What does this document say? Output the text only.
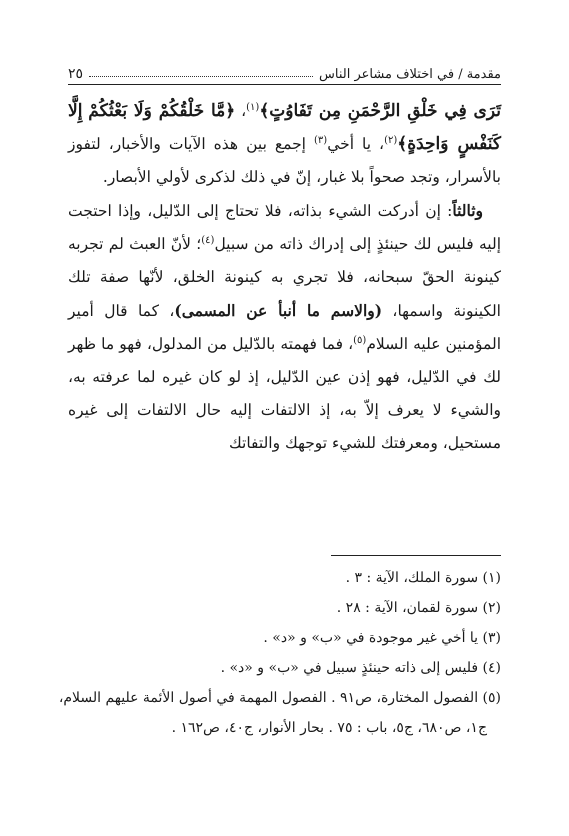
مقدمة / في اختلاف مشاعر الناس
٢٥

تَرَى فِي خَلْقِ الرَّحْمَنِ مِن تَفَاوُتٍ﴾$^{(١)}$، ﴿مَّا خَلْقُكُمْ وَلَا بَعْثُكُمْ إِلَّا كَنَفْسٍ وَاحِدَةٍ﴾$^{(٢)}$، يا أخي$^{(٣)}$ إجمع بين هذه الآيات والأخبار، لتفوز بالأسرار، وتجد صحواً بلا غبار، إنّ في ذلك لذكرى لأولي الأبصار.

وثالثاً: إن أدركت الشيء بذاته، فلا تحتاج إلى الدّليل، وإذا احتجت إليه فليس لك حينئذٍ إلى إدراك ذاته من سبيل$^{(٤)}$؛ لأنّ العبث لم تجربه كينونة الحقّ سبحانه، فلا تجري به كينونة الخلق، لأنّها صفة تلك الكينونة واسمها، (والاسم ما أنبأ عن المسمى)، كما قال أمير المؤمنين عليه السلام$^{(٥)}$، فما فهمته بالدّليل من المدلول، فهو ما ظهر لك في الدّليل، فهو إذن عين الدّليل، إذ لو كان غيره لما عرفته به، والشيء لا يعرف إلاّ به، إذ الالتفات إليه حال الالتفات إلى غيره مستحيل، ومعرفتك للشيء توجهك والتفاتك

(١) سورة الملك، الآية : ٣ .
(٢) سورة لقمان، الآية : ٢٨ .
(٣) يا أخي غير موجودة في «ب» و «د» .
(٤) فليس إلى ذاته حينئذٍ سبيل في «ب» و «د» .
(٥) الفصول المختارة، ص٩١ . الفصول المهمة في أصول الأئمة عليهم السلام،
ج١، ص٦٨٠، ج٥، باب : ٧٥ . بحار الأنوار، ج٤٠، ص١٦٢ .
